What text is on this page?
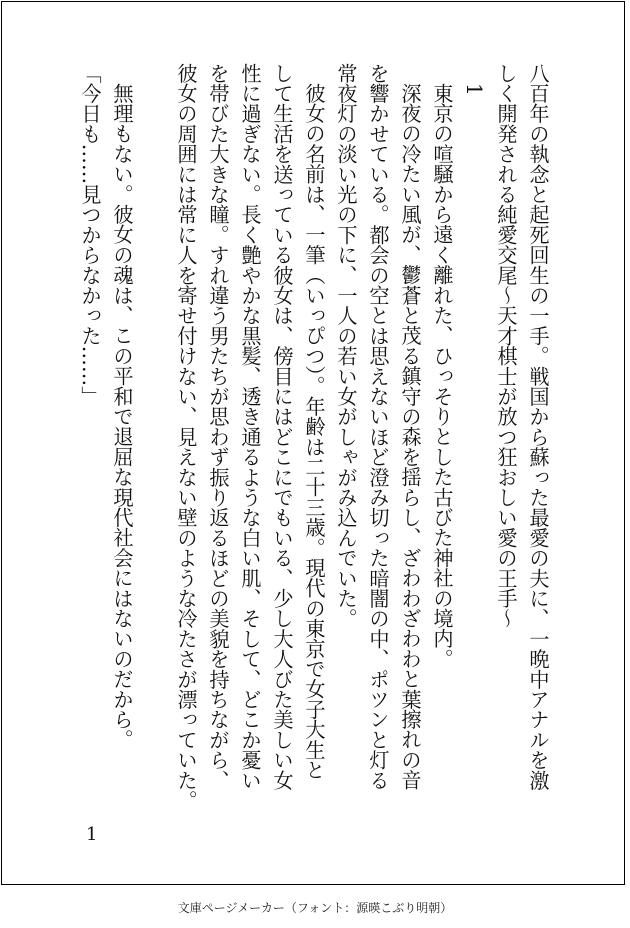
八百年の執念と起死回生の一手。戦国から蘇った最愛の夫に、一晩中アナルを激

しく開発される純愛交尾〜天才棋士が放つ狂おしい愛の王手〜

1

東京の喧騒から遠く離れた、ひっそりとした古びた神社の境内。

深夜の冷たい風が、鬱蒼と茂る鎮守の森を揺らし、ざわわざわわと葉擦れの音

を響かせている。都会の空とは思えないほど澄み切った暗闇の中、ポツンと灯る

常夜灯の淡い光の下に、一人の若い女がしゃがみ込んでいた。

彼女の名前は、一筆（いっぴつ）。年齢は二十三歳。現代の東京で女子大生と

して生活を送っている彼女は、傍目にはどこにでもいる、少し大人びた美しい女

性に過ぎない。長く艶やかな黒髪、透き通るような白い肌、そして、どこか憂い

を帯びた大きな瞳。すれ違う男たちが思わず振り返るほどの美貌を持ちながら、

彼女の周囲には常に人を寄せ付けない、見えない壁のような冷たさが漂っていた。

無理もない。彼女の魂は、この平和で退屈な現代社会にはないのだから。

「今日も……見つからなかった……」

1
文庫ページメーカー（フォント：源暎こぶり明朝）
